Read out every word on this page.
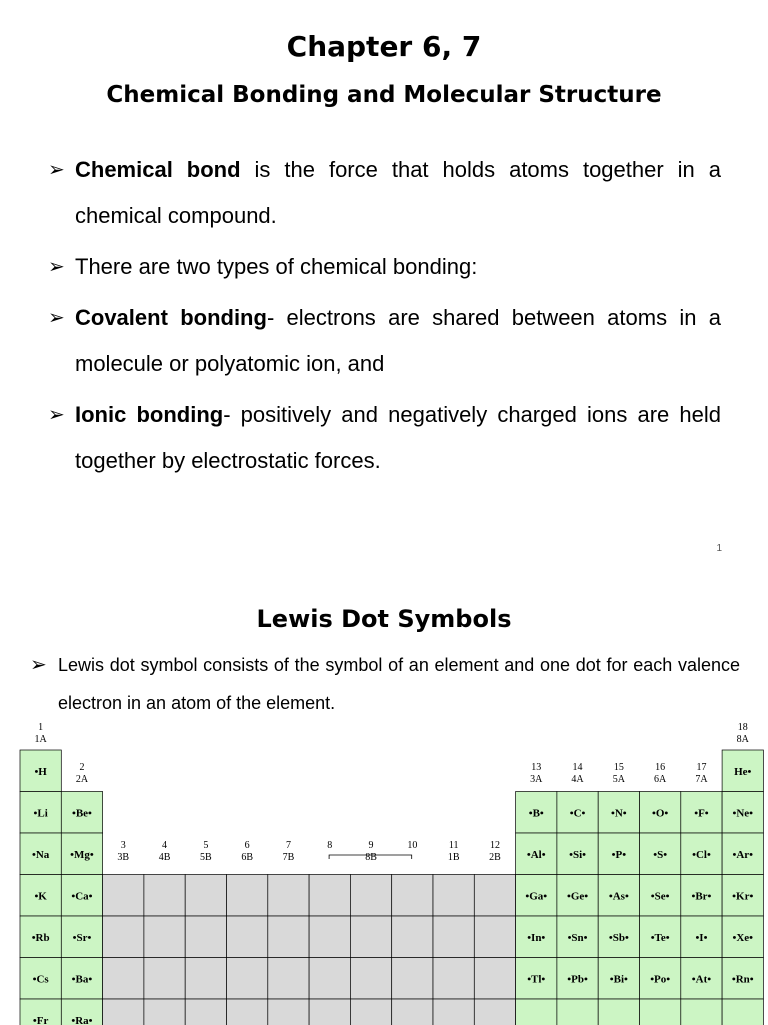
Chapter 6, 7
Chemical Bonding and Molecular Structure
➢ Chemical bond is the force that holds atoms together in a chemical compound.
➢ There are two types of chemical bonding:
➢ Covalent bonding- electrons are shared between atoms in a molecule or polyatomic ion, and
➢ Ionic bonding- positively and negatively charged ions are held together by electrostatic forces.
1
Lewis Dot Symbols
➢ Lewis dot symbol consists of the symbol of an element and one dot for each valence electron in an atom of the element.
1
1A
•H
•Li
•Na
•K
•Rb
•Cs
•Fr
2
2A
•Be•
•Mg•
•Ca•
•Sr•
•Ba•
•Ra•
3
3B
4
4B
5
5B
6
6B
7
7B
8	9
8B
10	11
1B
12
2B
13
3A
14
4A
15
5A
16
6A
17
7A
18
8A
He•
•B• •C• •N• •O• •F• •Ne•
•Al• •Si• •P• •S• •Cl• •Ar•
•Ga• •Ge• •As• •Se• •Br• •Kr•
•In• •Sn• •Sb• •Te• •I• •Xe•
•Tl• •Pb• •Bi• •Po• •At• •Rn•
